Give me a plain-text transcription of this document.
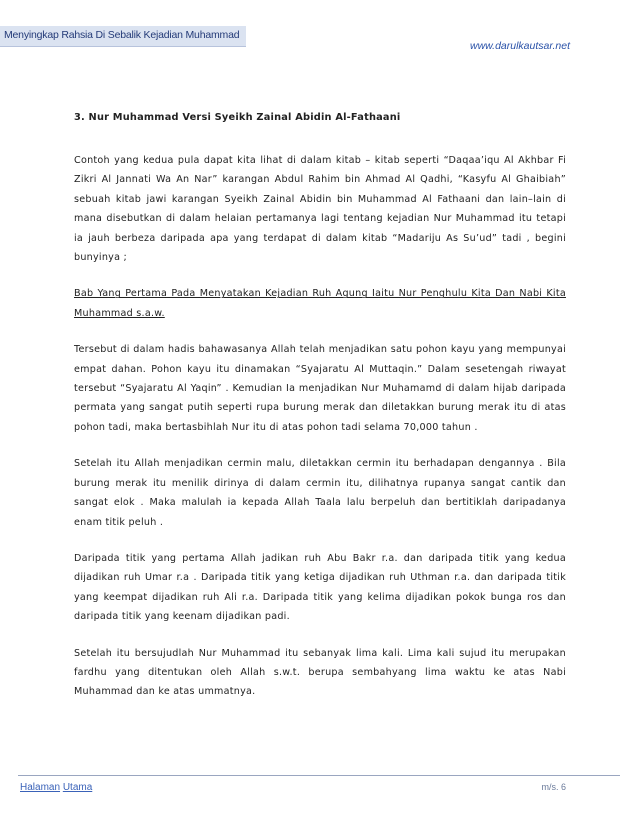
Menyingkap Rahsia Di Sebalik Kejadian Muhammad
www.darulkautsar.net
3. Nur Muhammad Versi Syeikh Zainal Abidin Al-Fathaani

Contoh yang kedua pula dapat kita lihat di dalam kitab – kitab seperti “Daqaa’iqu Al Akhbar Fi Zikri Al Jannati Wa An Nar” karangan Abdul Rahim bin Ahmad Al Qadhi, “Kasyfu Al Ghaibiah” sebuah kitab jawi karangan Syeikh Zainal Abidin bin Muhammad Al Fathaani dan lain–lain di mana disebutkan di dalam helaian pertamanya lagi tentang kejadian Nur Muhammad itu tetapi ia jauh berbeza daripada apa yang terdapat di dalam kitab “Madariju As Su’ud” tadi , begini bunyinya ;

Bab Yang Pertama Pada Menyatakan Kejadian Ruh Agung Iaitu Nur Penghulu Kita Dan Nabi Kita Muhammad s.a.w.

Tersebut di dalam hadis bahawasanya Allah telah menjadikan satu pohon kayu yang mempunyai empat dahan. Pohon kayu itu dinamakan “Syajaratu Al Muttaqin.” Dalam sesetengah riwayat tersebut “Syajaratu Al Yaqin” . Kemudian Ia menjadikan Nur Muhamamd di dalam hijab daripada permata yang sangat putih seperti rupa burung merak dan diletakkan burung merak itu di atas pohon tadi, maka bertasbihlah Nur itu di atas pohon tadi selama 70,000 tahun .

Setelah itu Allah menjadikan cermin malu, diletakkan cermin itu berhadapan dengannya . Bila burung merak itu menilik dirinya di dalam cermin itu, dilihatnya rupanya sangat cantik dan sangat elok . Maka malulah ia kepada Allah Taala lalu berpeluh dan bertitiklah daripadanya enam titik peluh .

Daripada titik yang pertama Allah jadikan ruh Abu Bakr r.a. dan daripada titik yang kedua dijadikan ruh Umar r.a . Daripada titik yang ketiga dijadikan ruh Uthman r.a. dan daripada titik yang keempat dijadikan ruh Ali r.a. Daripada titik yang kelima dijadikan pokok bunga ros dan daripada titik yang keenam dijadikan padi.

Setelah itu bersujudlah Nur Muhammad itu sebanyak lima kali. Lima kali sujud itu merupakan fardhu yang ditentukan oleh Allah s.w.t. berupa sembahyang lima waktu ke atas Nabi Muhammad dan ke atas ummatnya.

Halaman Utama	m/s. 6
